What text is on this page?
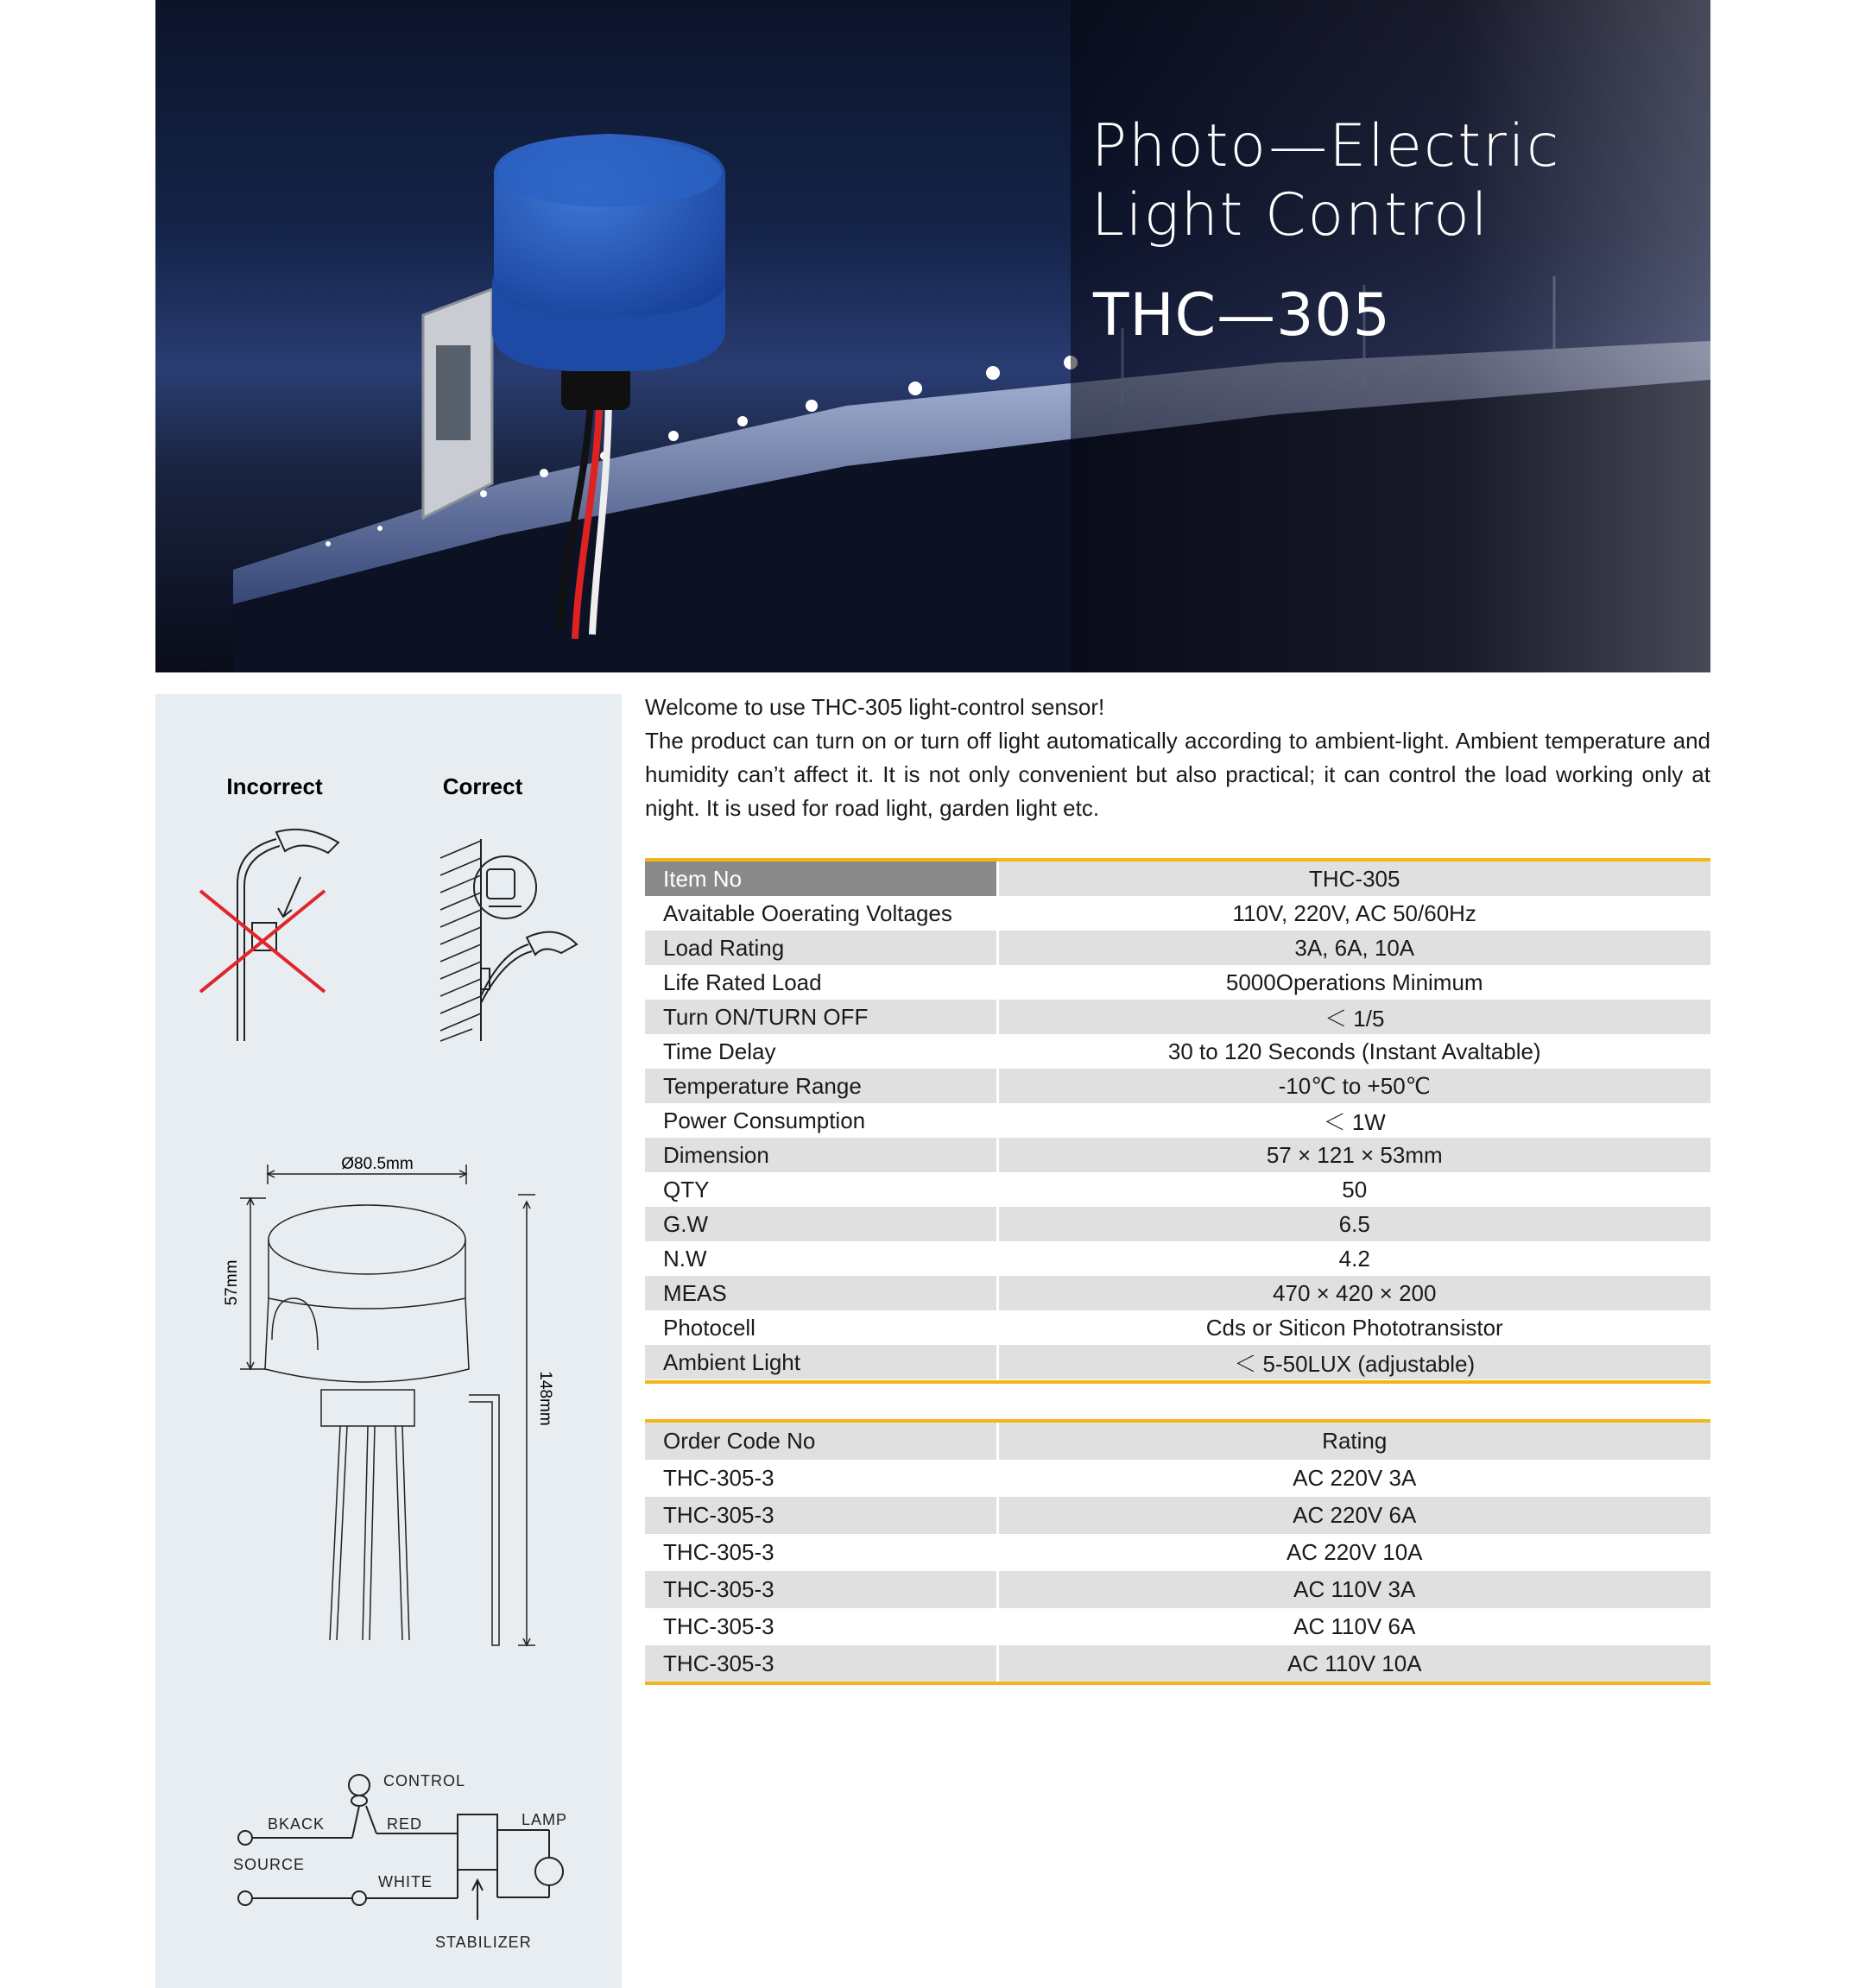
Photo—Electric
Light Control
THC—305
Incorrect	Correct
Ø80.5mm
57mm
148mm
CONTROL
BKACK	RED	LAMP
SOURCE
WHITE
STABILIZER

Welcome to use THC-305 light-control sensor!

The product can turn on or turn off light automatically according to ambient-light. Ambient temperature and humidity can’t affect it. It is not only convenient but also practical; it can control the load working only at night. It is used for road light, garden light etc.

Item No	THC-305
Avaitable Ooerating Voltages	110V, 220V, AC 50/60Hz
Load Rating	3A, 6A, 10A
Life Rated Load	5000Operations Minimum
Turn ON/TURN OFF	＜ 1/5
Time Delay	30 to 120 Seconds (Instant Avaltable)
Temperature Range	-10℃ to +50℃
Power Consumption	＜ 1W
Dimension	57 × 121 × 53mm
QTY	50
G.W	6.5
N.W	4.2
MEAS	470 × 420 × 200
Photocell	Cds or Siticon Phototransistor
Ambient Light	＜ 5-50LUX (adjustable)
Order Code No	Rating
THC-305-3	AC 220V 3A
THC-305-3	AC 220V 6A
THC-305-3	AC 220V 10A
THC-305-3	AC 110V 3A
THC-305-3	AC 110V 6A
THC-305-3	AC 110V 10A
